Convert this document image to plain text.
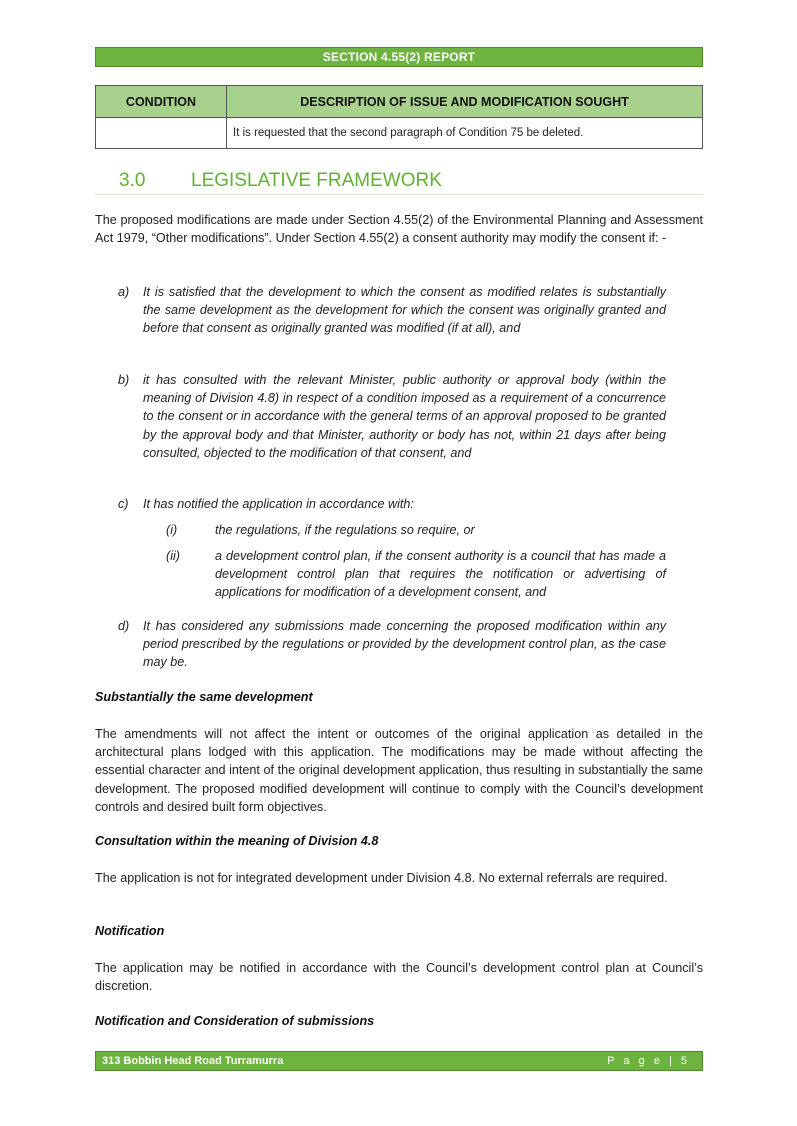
SECTION 4.55(2) REPORT
CONDITION	DESCRIPTION OF ISSUE AND MODIFICATION SOUGHT
	It is requested that the second paragraph of Condition 75 be deleted.
3.0 LEGISLATIVE FRAMEWORK
The proposed modifications are made under Section 4.55(2) of the Environmental Planning and Assessment Act 1979, “Other modifications”. Under Section 4.55(2) a consent authority may modify the consent if: -
a) It is satisfied that the development to which the consent as modified relates is substantially the same development as the development for which the consent was originally granted and before that consent as originally granted was modified (if at all), and
b) it has consulted with the relevant Minister, public authority or approval body (within the meaning of Division 4.8) in respect of a condition imposed as a requirement of a concurrence to the consent or in accordance with the general terms of an approval proposed to be granted by the approval body and that Minister, authority or body has not, within 21 days after being consulted, objected to the modification of that consent, and
c) It has notified the application in accordance with:
(i)	the regulations, if the regulations so require, or
(ii)	a development control plan, if the consent authority is a council that has made a development control plan that requires the notification or advertising of applications for modification of a development consent, and
d) It has considered any submissions made concerning the proposed modification within any period prescribed by the regulations or provided by the development control plan, as the case may be.
Substantially the same development
The amendments will not affect the intent or outcomes of the original application as detailed in the architectural plans lodged with this application. The modifications may be made without affecting the essential character and intent of the original development application, thus resulting in substantially the same development. The proposed modified development will continue to comply with the Council’s development controls and desired built form objectives.
Consultation within the meaning of Division 4.8
The application is not for integrated development under Division 4.8. No external referrals are required.
Notification
The application may be notified in accordance with the Council’s development control plan at Council’s discretion.
Notification and Consideration of submissions
313 Bobbin Head Road Turramurra	P a g e | 5
